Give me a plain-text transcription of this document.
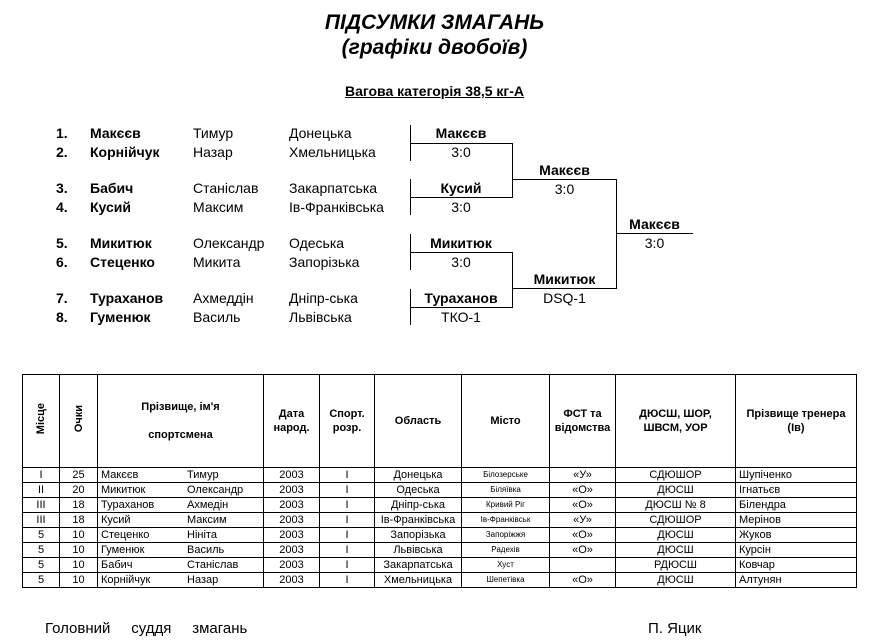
ПІДСУМКИ ЗМАГАНЬ
(графіки двобоїв)
Вагова категорія 38,5 кг-А
1. Макєєв	Тимур	Донецька
2. Корнійчук Назар	Хмельницька
3. Бабич	Станіслав Закарпатська
4. Кусий	Максим	Ів-Франківська
5. Микитюк	Олександр Одеська
6. Стеценко	Микита	Запорізька
7. Тураханов Ахмеддін	Дніпр-ська
8. Гуменюк	Василь	Львівська
Макєєв
3:0
Кусий
3:0
Микитюк
3:0
Тураханов
ТКО-1
Макєєв
3:0
Микитюк
DSQ-1
Макєєв
3:0
Місце	Очки	Прізвище, ім'я
спортсмена	Дата народ.	Спорт. розр.	Область	Місто	ФСТ та відомства	ДЮСШ, ШОР, ШВСМ, УОР	Прізвище тренера (Ів)
I	25	Макєєв Тимур	2003	I	Донецька	Білозерське	«У»	СДЮШОР	Шупіченко
II	20	Микитюк Олександр	2003	I	Одеська	Біляївка	«О»	ДЮСШ	Ігнатьєв
III	18	Тураханов Ахмедін	2003	I	Дніпр-ська	Кривий Ріг	«О»	ДЮСШ № 8	Білендра
III	18	Кусий Максим	2003	I	Ів-Франківська	Ів-Франківськ	«У»	СДЮШОР	Мерінов
5	10	Стеценко Нініта	2003	I	Запорізька	Запоріжжя	«О»	ДЮСШ	Жуков
5	10	Гуменюк Василь	2003	I	Львівська	Радехів	«О»	ДЮСШ	Курсін
5	10	Бабич Станіслав	2003	I	Закарпатська	Хуст		РДЮСШ	Ковчар
5	10	Корнійчук Назар	2003	I	Хмельницька	Шепетівка	«О»	ДЮСШ	Алтунян
Головний     суддя     змагань	П. Яцик
